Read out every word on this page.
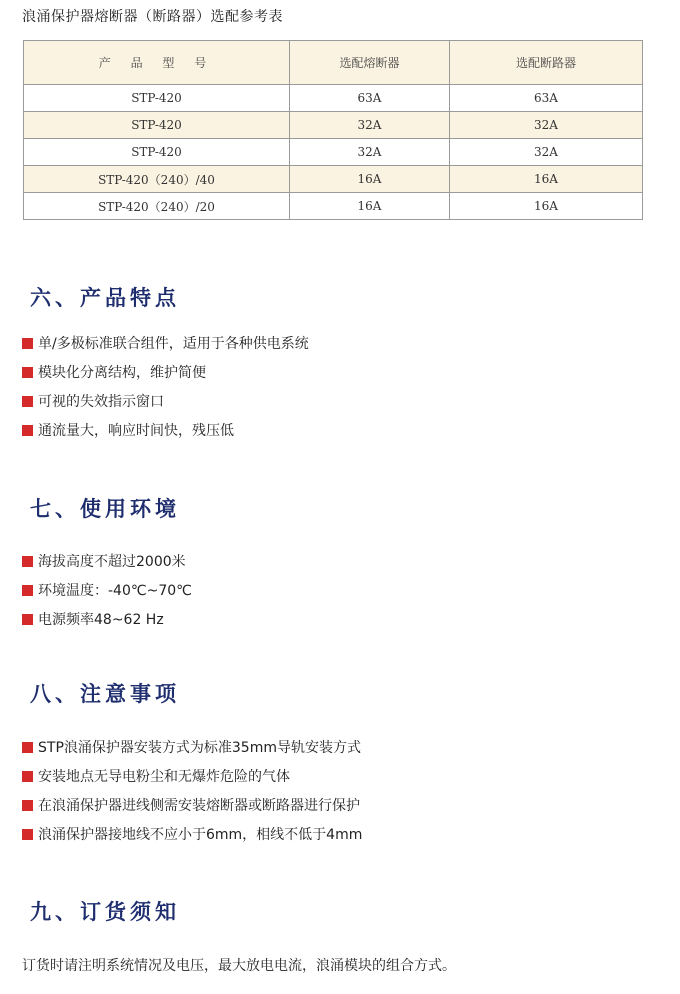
浪涌保护器熔断器（断路器）选配参考表
产 品 型 号	选配熔断器	选配断路器
STP-420	63A	63A
STP-420	32A	32A
STP-420	32A	32A
STP-420（240）/40	16A	16A
STP-420（240）/20	16A	16A
六、产品特点
单/多极标准联合组件，适用于各种供电系统
模块化分离结构，维护简便
可视的失效指示窗口
通流量大，响应时间快，残压低
七、使用环境
海拔高度不超过2000米
环境温度：-40℃~70℃
电源频率48~62 Hz
八、注意事项
STP浪涌保护器安装方式为标准35mm导轨安装方式
安装地点无导电粉尘和无爆炸危险的气体
在浪涌保护器进线侧需安装熔断器或断路器进行保护
浪涌保护器接地线不应小于6mm，相线不低于4mm
九、订货须知
订货时请注明系统情况及电压，最大放电电流，浪涌模块的组合方式。
